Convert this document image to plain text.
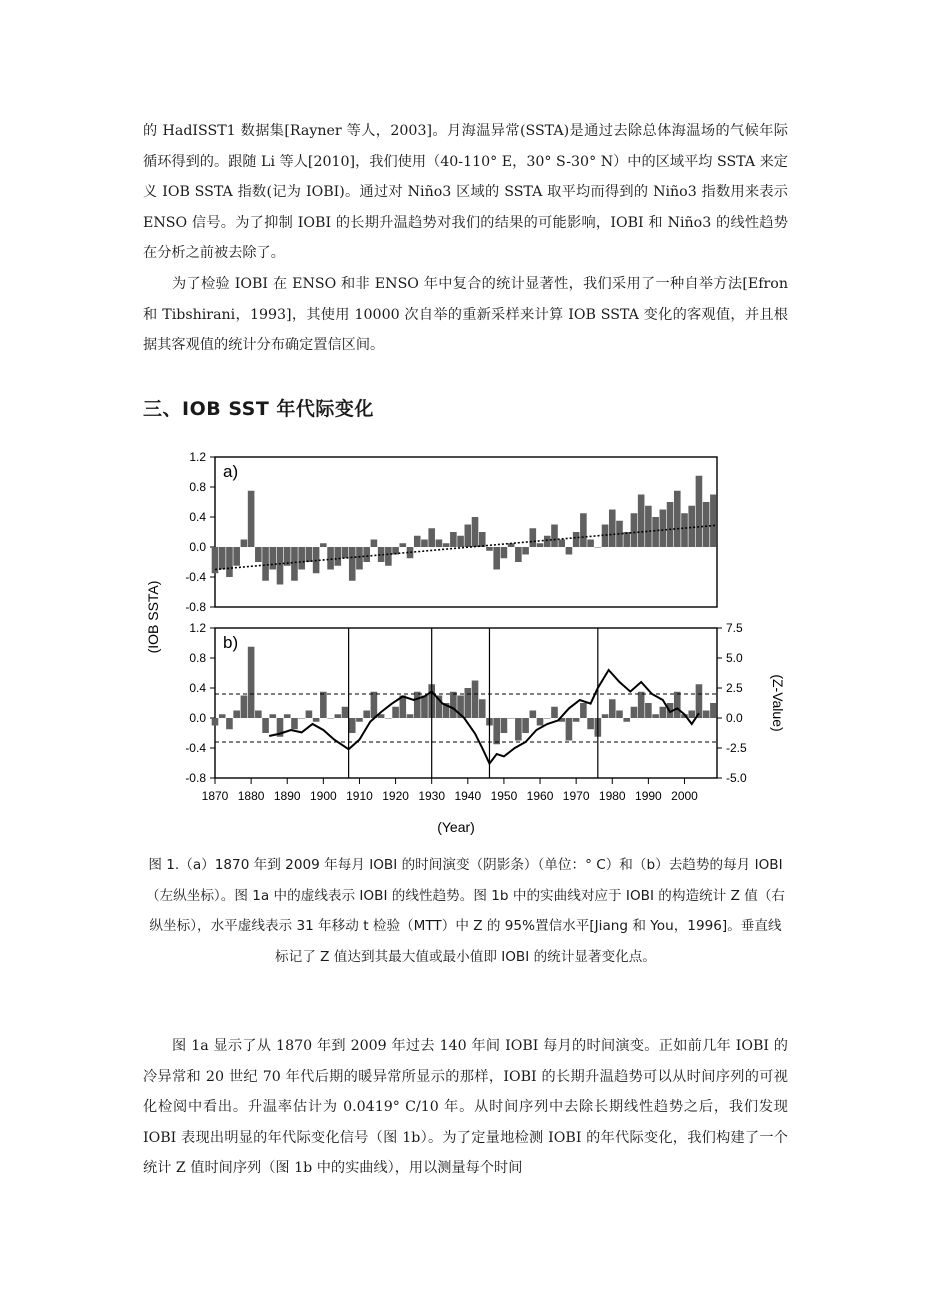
的 HadISST1 数据集[Rayner 等人，2003]。月海温异常(SSTA)是通过去除总体海温场的气候年际循环得到的。跟随 Li 等人[2010]，我们使用（40-110° E，30° S-30° N）中的区域平均 SSTA 来定义 IOB SSTA 指数(记为 IOBI)。通过对 Niño3 区域的 SSTA 取平均而得到的 Niño3 指数用来表示 ENSO 信号。为了抑制 IOBI 的长期升温趋势对我们的结果的可能影响，IOBI 和 Niño3 的线性趋势在分析之前被去除了。

为了检验 IOBI 在 ENSO 和非 ENSO 年中复合的统计显著性，我们采用了一种自举方法[Efron 和 Tibshirani，1993]，其使用 10000 次自举的重新采样来计算 IOB SSTA 变化的客观值，并且根据其客观值的统计分布确定置信区间。

三、IOB SST 年代际变化
1.2
0.8
0.4
0.0
-0.4
-0.8
a)
1.2
0.8
0.4
0.0
-0.4
-0.8
b)
7.5
5.0
2.5
0.0
-2.5
-5.0
(Z-Value)
(IOB SSTA)
1870 1880 1890 1900 1910 1920 1930 1940 1950 1960 1970 1980 1990 2000
(Year)

图 1.（a）1870 年到 2009 年每月 IOBI 的时间演变（阴影条）（单位：° C）和（b）去趋势的每月 IOBI（左纵坐标）。图 1a 中的虚线表示 IOBI 的线性趋势。图 1b 中的实曲线对应于 IOBI 的构造统计 Z 值（右纵坐标），水平虚线表示 31 年移动 t 检验（MTT）中 Z 的 95%置信水平[Jiang 和 You，1996]。垂直线标记了 Z 值达到其最大值或最小值即 IOBI 的统计显著变化点。

图 1a 显示了从 1870 年到 2009 年过去 140 年间 IOBI 每月的时间演变。正如前几年 IOBI 的冷异常和 20 世纪 70 年代后期的暖异常所显示的那样，IOBI 的长期升温趋势可以从时间序列的可视化检阅中看出。升温率估计为 0.0419° C/10 年。从时间序列中去除长期线性趋势之后，我们发现 IOBI 表现出明显的年代际变化信号（图 1b）。为了定量地检测 IOBI 的年代际变化，我们构建了一个统计 Z 值时间序列（图 1b 中的实曲线），用以测量每个时间
